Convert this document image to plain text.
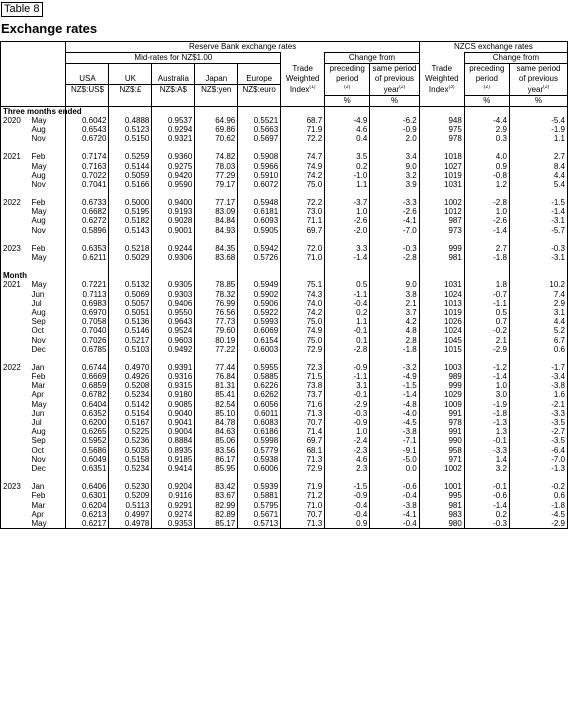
Table 8
Exchange rates
		Reserve Bank exchange rates								NZCS exchange rates		
		Mid-rates for NZ$1.00						Change from			Change from	
							Trade	preceding	same period	Trade	preceding	same period
		USA	UK	Australia	Japan	Europe	Weighted	period	of previous	Weighted	period	of previous
		NZ$:US$	NZ$:£	NZ$:A$	NZ$:yen	NZ$:euro	Index$^{(1)}$	$^{(2)}$	year$^{(2)}$	Index$^{(3)}$	$^{(2)}$	year$^{(2)}$
								%	%		%	%
Three months ended												
2020	May	0.6042	0.4888	0.9537	64.96	0.5521	68.7	-4.9	-6.2	948	-4.4	-5.4
	Aug	0.6543	0.5123	0.9294	69.86	0.5663	71.9	4.6	-0.9	975	2.9	-1.9
	Nov	0.6720	0.5150	0.9321	70.62	0.5697	72.2	0.4	2.0	978	0.3	1.1

2021	Feb	0.7174	0.5259	0.9360	74.82	0.5908	74.7	3.5	3.4	1018	4.0	2.7
	May	0.7163	0.5144	0.9275	78.03	0.5966	74.9	0.2	9.0	1027	0.9	8.4
	Aug	0.7022	0.5059	0.9420	77.29	0.5910	74.2	-1.0	3.2	1019	-0.8	4.4
	Nov	0.7041	0.5166	0.9590	79.17	0.6072	75.0	1.1	3.9	1031	1.2	5.4

2022	Feb	0.6733	0.5000	0.9400	77.17	0.5948	72.2	-3.7	-3.3	1002	-2.8	-1.5
	May	0.6682	0.5195	0.9193	83.09	0.6181	73.0	1.0	-2.6	1012	1.0	-1.4
	Aug	0.6272	0.5182	0.9028	84.84	0.6093	71.1	-2.6	-4.1	987	-2.6	-3.1
	Nov	0.5896	0.5143	0.9001	84.93	0.5905	69.7	-2.0	-7.0	973	-1.4	-5.7

2023	Feb	0.6353	0.5218	0.9244	84.35	0.5942	72.0	3.3	-0.3	999	2.7	-0.3
	May	0.6211	0.5029	0.9306	83.68	0.5726	71.0	-1.4	-2.8	981	-1.8	-3.1

Month												
2021	May	0.7221	0.5132	0.9305	78.85	0.5949	75.1	0.5	9.0	1031	1.8	10.2
	Jun	0.7113	0.5069	0.9303	78.32	0.5902	74.3	-1.1	3.8	1024	-0.7	7.4
	Jul	0.6983	0.5057	0.9406	76.99	0.5906	74.0	-0.4	2.1	1013	-1.1	2.9
	Aug	0.6970	0.5051	0.9550	76.56	0.5922	74.2	0.2	3.7	1019	0.5	3.1
	Sep	0.7058	0.5136	0.9643	77.73	0.5993	75.0	1.1	4.2	1026	0.7	4.4
	Oct	0.7040	0.5146	0.9524	79.60	0.6069	74.9	-0.1	4.8	1024	-0.2	5.2
	Nov	0.7026	0.5217	0.9603	80.19	0.6154	75.0	0.1	2.8	1045	2.1	6.7
	Dec	0.6785	0.5103	0.9492	77.22	0.6003	72.9	-2.8	-1.8	1015	-2.9	0.6

2022	Jan	0.6744	0.4970	0.9391	77.44	0.5955	72.3	-0.9	-3.2	1003	-1.2	-1.7
	Feb	0.6669	0.4926	0.9316	76.84	0.5885	71.5	-1.1	-4.9	989	-1.4	-3.4
	Mar	0.6859	0.5208	0.9315	81.31	0.6226	73.8	3.1	-1.5	999	1.0	-3.8
	Apr	0.6782	0.5234	0.9180	85.41	0.6262	73.7	-0.1	-1.4	1029	3.0	1.6
	May	0.6404	0.5142	0.9085	82.54	0.6056	71.6	-2.9	-4.8	1009	-1.9	-2.1
	Jun	0.6352	0.5154	0.9040	85.10	0.6011	71.3	-0.3	-4.0	991	-1.8	-3.3
	Jul	0.6200	0.5167	0.9041	84.78	0.6083	70.7	-0.9	-4.5	978	-1.3	-3.5
	Aug	0.6265	0.5225	0.9004	84.63	0.6186	71.4	1.0	-3.8	991	1.3	-2.7
	Sep	0.5952	0.5236	0.8884	85.06	0.5998	69.7	-2.4	-7.1	990	-0.1	-3.5
	Oct	0.5686	0.5035	0.8935	83.56	0.5779	68.1	-2.3	-9.1	958	-3.3	-6.4
	Nov	0.6049	0.5158	0.9185	86.17	0.5938	71.3	4.6	-5.0	971	1.4	-7.0
	Dec	0.6351	0.5234	0.9414	85.95	0.6006	72.9	2.3	0.0	1002	3.2	-1.3

2023	Jan	0.6406	0.5230	0.9204	83.42	0.5939	71.9	-1.5	-0.6	1001	-0.1	-0.2
	Feb	0.6301	0.5209	0.9116	83.67	0.5881	71.2	-0.9	-0.4	995	-0.6	0.6
	Mar	0.6204	0.5113	0.9291	82.99	0.5795	71.0	-0.4	-3.8	981	-1.4	-1.8
	Apr	0.6213	0.4997	0.9274	82.89	0.5671	70.7	-0.4	-4.1	983	0.2	-4.5
	May	0.6217	0.4978	0.9353	85.17	0.5713	71.3	0.9	-0.4	980	-0.3	-2.9
